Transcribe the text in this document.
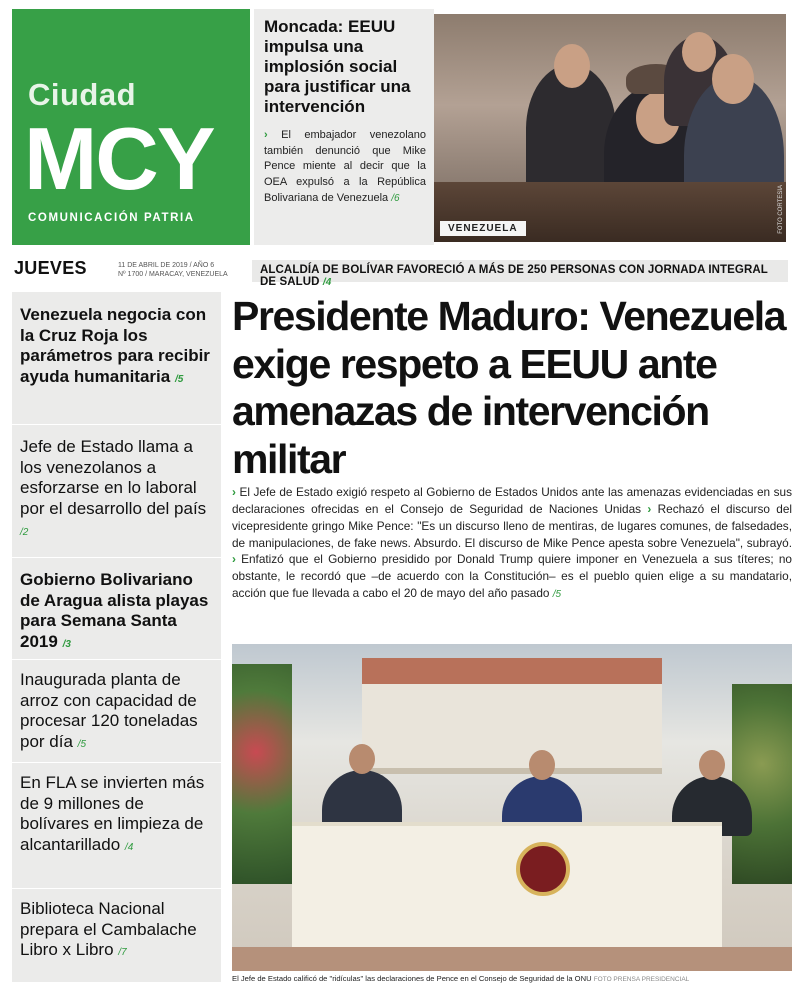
Ciudad
MCY
COMUNICACIÓN PATRIA
Moncada: EEUU impulsa una implosión social para justificar una intervención
› El embajador venezolano también denunció que Mike Pence miente al decir que la OEA expulsó a la República Bolivariana de Venezuela /6
VENEZUELA	FOTO CORTESÍA
JUEVES	11 DE ABRIL DE 2019 / AÑO 6
Nº 1700 / MARACAY, VENEZUELA	ALCALDÍA DE BOLÍVAR FAVORECIÓ A MÁS DE 250 PERSONAS CON JORNADA INTEGRAL DE SALUD /4
Venezuela negocia con la Cruz Roja los parámetros para recibir ayuda humanitaria /5
Jefe de Estado llama a los venezolanos a esforzarse en lo laboral por el desarrollo del país /2
Gobierno Bolivariano de Aragua alista playas para Semana Santa 2019 /3
Inaugurada planta de arroz con capacidad de procesar 120 toneladas por día /5
En FLA se invierten más de 9 millones de bolívares en limpieza de alcantarillado /4
Biblioteca Nacional prepara el Cambalache Libro x Libro /7
Presidente Maduro: Venezuela exige respeto a EEUU ante amenazas de intervención militar
› El Jefe de Estado exigió respeto al Gobierno de Estados Unidos ante las amenazas evidenciadas en sus declaraciones ofrecidas en el Consejo de Seguridad de Naciones Unidas › Rechazó el discurso del vicepresidente gringo Mike Pence: "Es un discurso lleno de mentiras, de lugares comunes, de falsedades, de manipulaciones, de fake news. Absurdo. El discurso de Mike Pence apesta sobre Venezuela", subrayó. › Enfatizó que el Gobierno presidido por Donald Trump quiere imponer en Venezuela a sus títeres; no obstante, le recordó que –de acuerdo con la Constitución– es el pueblo quien elige a su mandatario, acción que fue llevada a cabo el 20 de mayo del año pasado /5
El Jefe de Estado calificó de "ridículas" las declaraciones de Pence en el Consejo de Seguridad de la ONU FOTO PRENSA PRESIDENCIAL
